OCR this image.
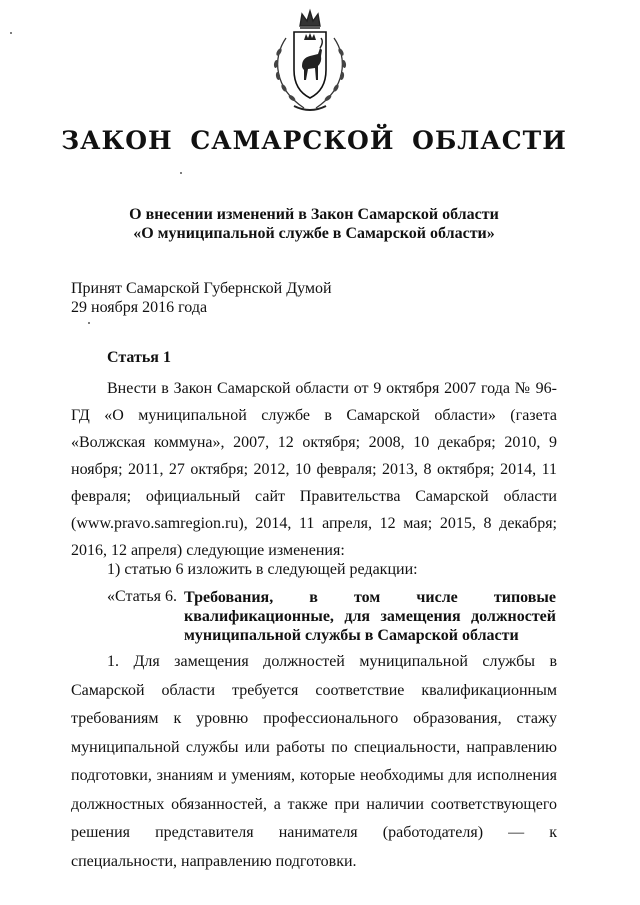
ЗАКОН САМАРСКОЙ ОБЛАСТИ
О внесении изменений в Закон Самарской области
«О муниципальной службе в Самарской области»
Принят Самарской Губернской Думой
29 ноября 2016 года
Статья 1

Внести в Закон Самарской области от 9 октября 2007 года № 96-ГД «О муниципальной службе в Самарской области» (газета «Волжская коммуна», 2007, 12 октября; 2008, 10 декабря; 2010, 9 ноября; 2011, 27 октября; 2012, 10 февраля; 2013, 8 октября; 2014, 11 февраля; официальный сайт Правительства Самарской области (www.pravo.samregion.ru), 2014, 11 апреля, 12 мая; 2015, 8 декабря; 2016, 12 апреля) следующие изменения:

1) статью 6 изложить в следующей редакции:
«Статья 6. Требования, в том числе типовые квалификационные, для замещения должностей муниципальной службы в Самарской области

1. Для замещения должностей муниципальной службы в Самарской области требуется соответствие квалификационным требованиям к уровню профессионального образования, стажу муниципальной службы или работы по специальности, направлению подготовки, знаниям и умениям, которые необходимы для исполнения должностных обязанностей, а также при наличии соответствующего решения представителя нанимателя (работодателя) — к специальности, направлению подготовки.
